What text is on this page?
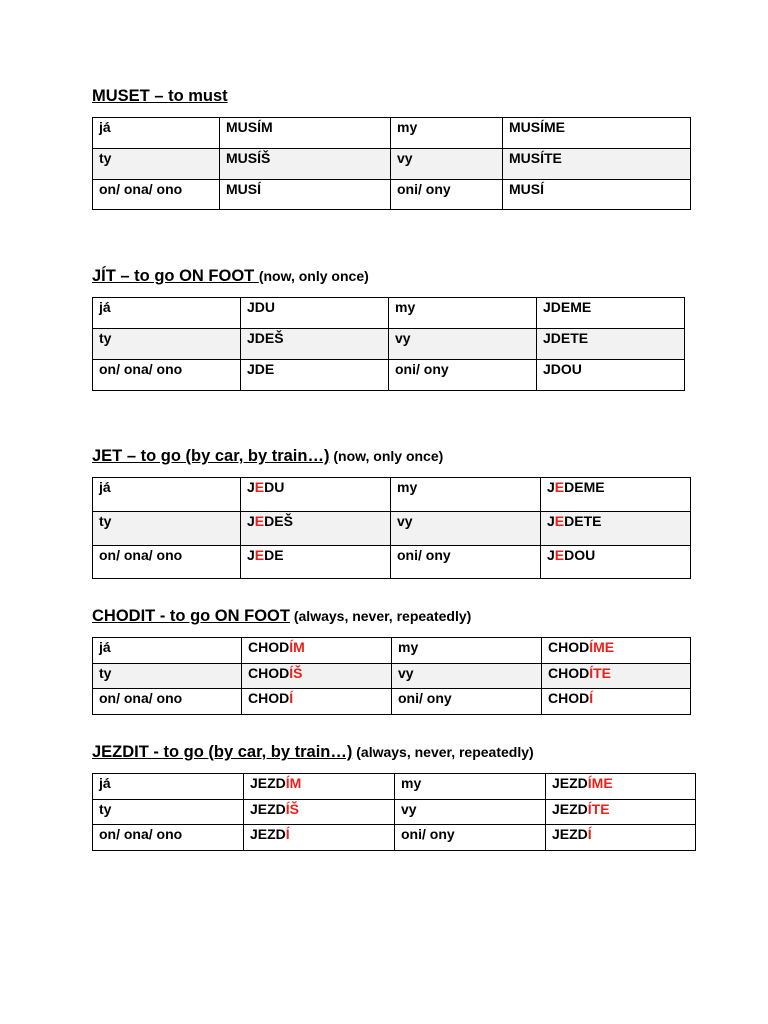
MUSET – to must
já	MUSÍM	my	MUSÍME
ty	MUSÍŠ	vy	MUSÍTE
on/ ona/ ono	MUSÍ	oni/ ony	MUSÍ
JÍT – to go ON FOOT (now, only once)
já	JDU	my	JDEME
ty	JDEŠ	vy	JDETE
on/ ona/ ono	JDE	oni/ ony	JDOU
JET – to go (by car, by train…) (now, only once)
já	JEDU	my	JEDEME
ty	JEDEŠ	vy	JEDETE
on/ ona/ ono	JEDE	oni/ ony	JEDOU
CHODIT - to go ON FOOT (always, never, repeatedly)
já	CHODÍM	my	CHODÍME
ty	CHODÍŠ	vy	CHODÍTE
on/ ona/ ono	CHODÍ	oni/ ony	CHODÍ
JEZDIT - to go (by car, by train…) (always, never, repeatedly)
já	JEZDÍM	my	JEZDÍME
ty	JEZDÍŠ	vy	JEZDÍTE
on/ ona/ ono	JEZDÍ	oni/ ony	JEZDÍ
